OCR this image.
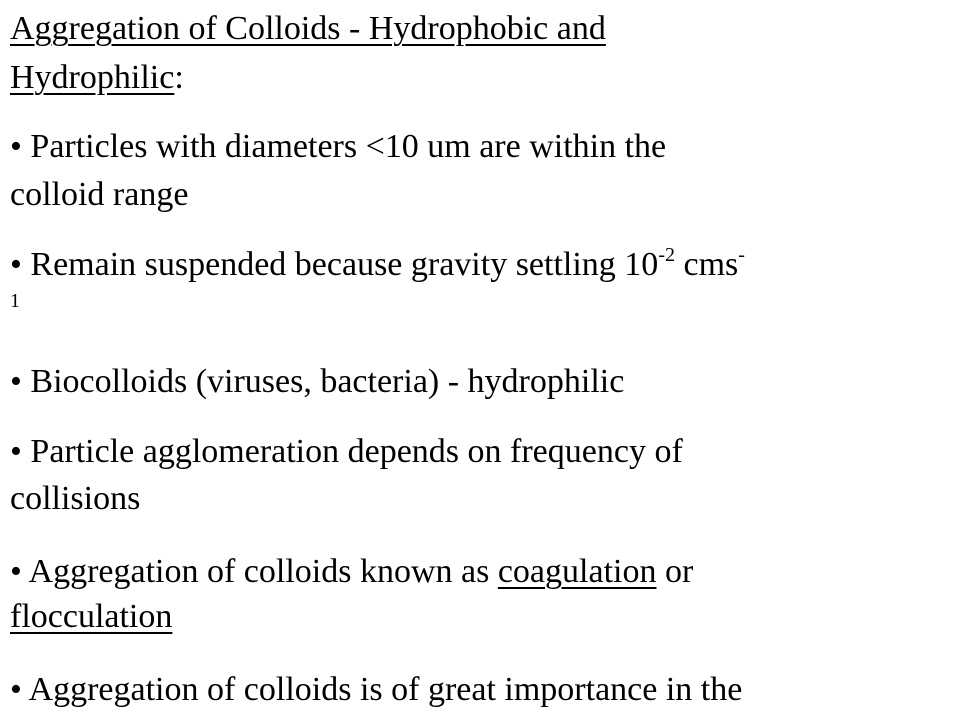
Aggregation of Colloids - Hydrophobic and
Hydrophilic:
• Particles with diameters <10 um are within the
colloid range
• Remain suspended because gravity settling $10^{-2}$ cms-
1
• Biocolloids (viruses, bacteria) - hydrophilic
• Particle agglomeration depends on frequency of
collisions
• Aggregation of colloids known as coagulation or
flocculation
• Aggregation of colloids is of great importance in the
